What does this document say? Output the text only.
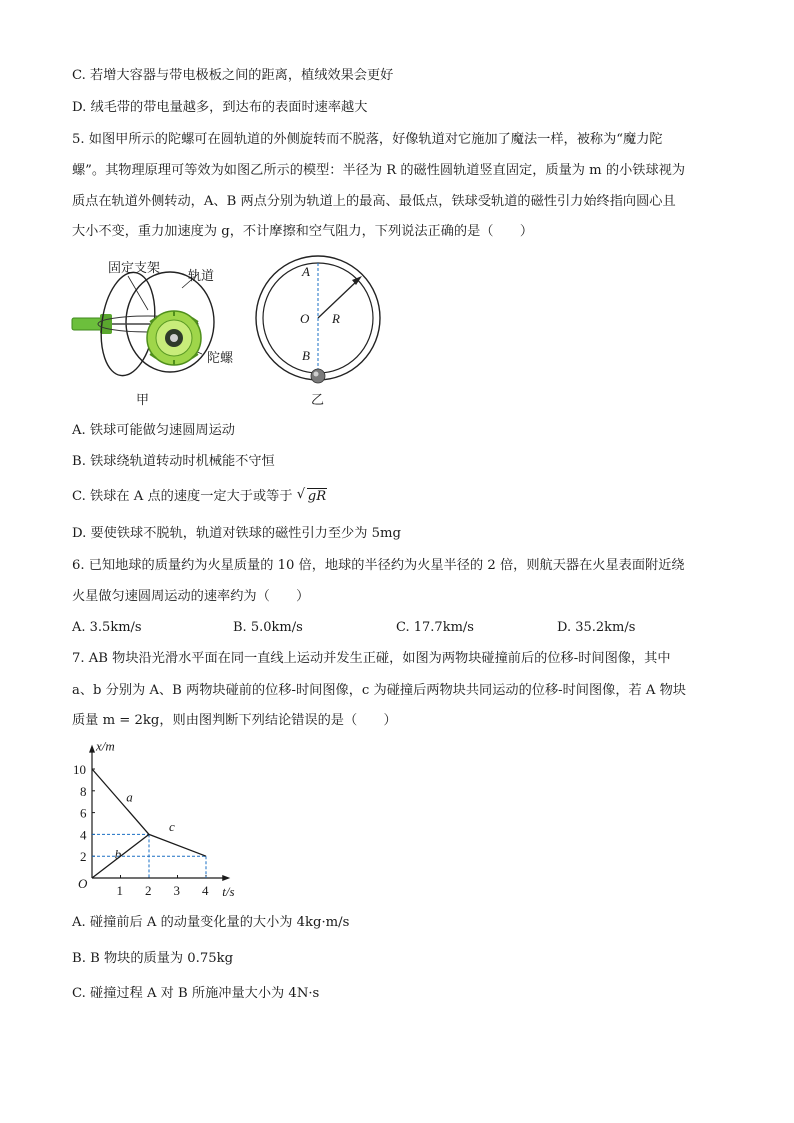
C. 若增大容器与带电极板之间的距离，植绒效果会更好
D. 绒毛带的带电量越多，到达布的表面时速率越大
5. 如图甲所示的陀螺可在圆轨道的外侧旋转而不脱落，好像轨道对它施加了魔法一样，被称为“魔力陀
螺”。其物理原理可等效为如图乙所示的模型：半径为 R 的磁性圆轨道竖直固定，质量为 m 的小铁球视为
质点在轨道外侧转动，A、B 两点分别为轨道上的最高、最低点，铁球受轨道的磁性引力始终指向圆心且
大小不变，重力加速度为 g，不计摩擦和空气阻力，下列说法正确的是（　　）
固定支架
轨道
陀螺
甲
A
O R
B
乙
A. 铁球可能做匀速圆周运动
B. 铁球绕轨道转动时机械能不守恒
C. 铁球在 A 点的速度一定大于或等于 √ gR
D. 要使铁球不脱轨，轨道对铁球的磁性引力至少为 5mg
6. 已知地球的质量约为火星质量的 10 倍，地球的半径约为火星半径的 2 倍，则航天器在火星表面附近绕
火星做匀速圆周运动的速率约为（　　）
A. 3.5km/s	B. 5.0km/s	C. 17.7km/s	D. 35.2km/s
7. AB 物块沿光滑水平面在同一直线上运动并发生正碰，如图为两物块碰撞前后的位移‑时间图像，其中
a、b 分别为 A、B 两物块碰前的位移‑时间图像，c 为碰撞后两物块共同运动的位移‑时间图像，若 A 物块
质量 m = 2kg，则由图判断下列结论错误的是（　　）
x/m
t/s
O 1 2 3 4
2
4
6
8
10
a
b
c
A. 碰撞前后 A 的动量变化量的大小为 4kg·m/s
B. B 物块的质量为 0.75kg
C. 碰撞过程 A 对 B 所施冲量大小为 4N·s
